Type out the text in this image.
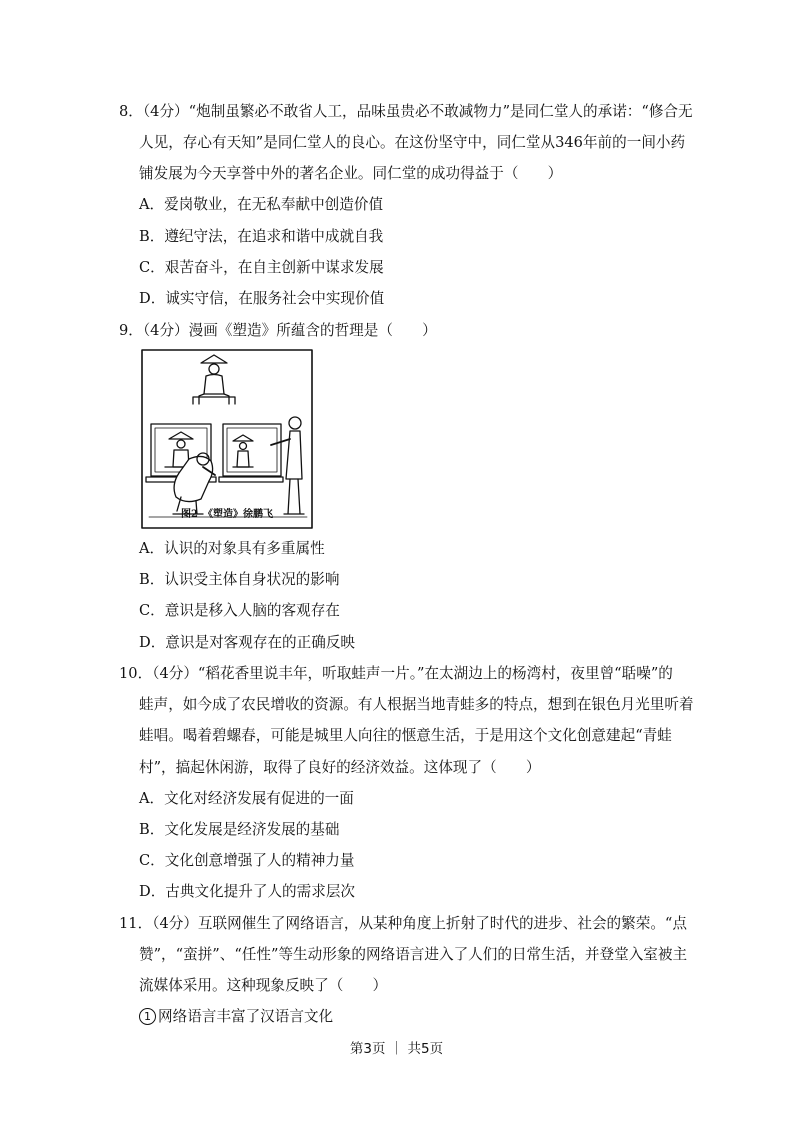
8．（4分）“炮制虽繁必不敢省人工，品味虽贵必不敢减物力”是同仁堂人的承诺：“修合无
人见，存心有天知”是同仁堂人的良心。在这份坚守中，同仁堂从346年前的一间小药
铺发展为今天享誉中外的著名企业。同仁堂的成功得益于（　　）
A．爱岗敬业，在无私奉献中创造价值
B．遵纪守法，在追求和谐中成就自我
C．艰苦奋斗，在自主创新中谋求发展
D．诚实守信，在服务社会中实现价值
9．（4分）漫画《塑造》所蕴含的哲理是（　　）
图2　《塑造》徐鹏飞
A．认识的对象具有多重属性
B．认识受主体自身状况的影响
C．意识是移入人脑的客观存在
D．意识是对客观存在的正确反映
10．（4分）“稻花香里说丰年，听取蛙声一片。”在太湖边上的杨湾村，夜里曾“聒噪”的
蛙声，如今成了农民增收的资源。有人根据当地青蛙多的特点，想到在银色月光里听着
蛙唱。喝着碧螺春，可能是城里人向往的惬意生活，于是用这个文化创意建起“青蛙
村”，搞起休闲游，取得了良好的经济效益。这体现了（　　）
A．文化对经济发展有促进的一面
B．文化发展是经济发展的基础
C．文化创意增强了人的精神力量
D．古典文化提升了人的需求层次
11．（4分）互联网催生了网络语言，从某种角度上折射了时代的进步、社会的繁荣。“点
赞”，“蛮拼”、“任性”等生动形象的网络语言进入了人们的日常生活，并登堂入室被主
流媒体采用。这种现象反映了（　　）
1 网络语言丰富了汉语言文化
第3页 ｜ 共5页
